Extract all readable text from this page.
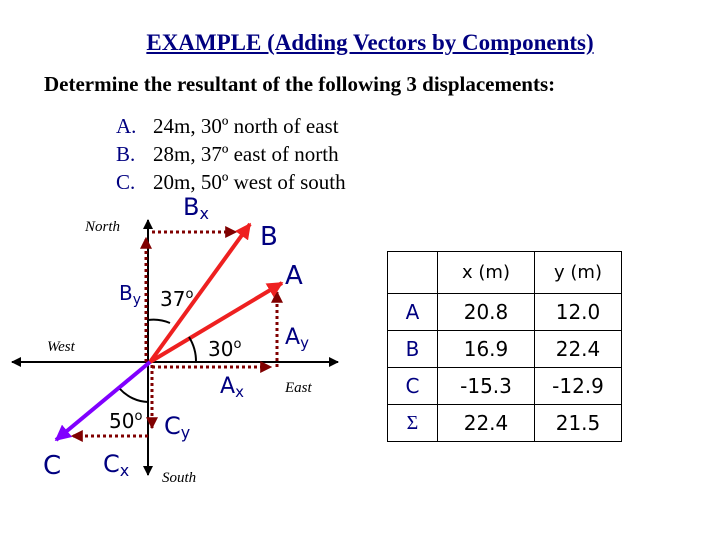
EXAMPLE (Adding Vectors by Components)
Determine the resultant of the following 3 displacements:
A. 24m, 30º north of east
B. 28m, 37º east of north
C. 20m, 50º west of south
North
South
East
West
A
B
C
Ax
Ay
Bx
$B_y$
Cx
Cy
30$^o$
37$^o$
50$^o$
	x (m)	y (m)
A	20.8	12.0
B	16.9	22.4
C	-15.3	-12.9
Σ	22.4	21.5
